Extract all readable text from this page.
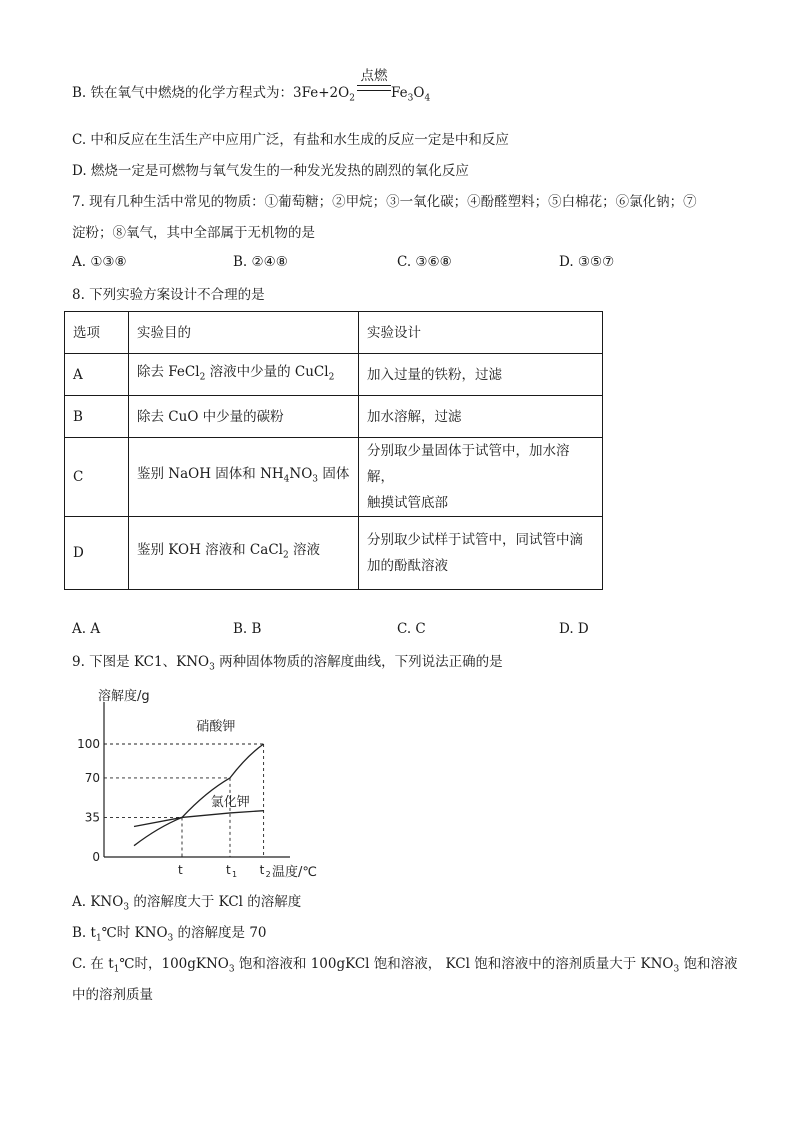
B. 铁在氧气中燃烧的化学方程式为：$3Fe+2O_2$
点燃
$Fe_3O_4$
C. 中和反应在生活生产中应用广泛，有盐和水生成的反应一定是中和反应
D. 燃烧一定是可燃物与氧气发生的一种发光发热的剧烈的氧化反应
7. 现有几种生活中常见的物质：①葡萄糖；②甲烷；③一氧化碳；④酚醛塑料；⑤白棉花；⑥氯化钠；⑦
淀粉；⑧氧气，其中全部属于无机物的是
A. ①③⑧	B. ②④⑧	C. ③⑥⑧	D. ③⑤⑦
8. 下列实验方案设计不合理的是
选项	实验目的	实验设计
A	除去 FeCl$_2$ 溶液中少量的 CuCl$_2$	加入过量的铁粉，过滤
B	除去 CuO 中少量的碳粉	加水溶解，过滤
C	鉴别 NaOH 固体和 $NH_4NO_3$ 固体	分别取少量固体于试管中，加水溶解，
触摸试管底部

D	鉴别 KOH 溶液和 CaCl$_2$ 溶液	分别取少试样于试管中，同试管中滴
加的酚酞溶液
A. A	B. B	C. C	D. D
9. 下图是 KC1、$KNO_3$ 两种固体物质的溶解度曲线，下列说法正确的是
溶解度/g
温度/℃
100
70
35
0
硝酸钾
氯化钾
t	t 1 t 2
A. $KNO_3$ 的溶解度大于 KCl 的溶解度
B. $t_1℃$时 $KNO_3$ 的溶解度是 70
C. 在 $t_1℃$时，100gKNO$_3$ 饱和溶液和 100gKCl 饱和溶液， KCl 饱和溶液中的溶剂质量大于 $KNO_3$ 饱和溶液
中的溶剂质量
